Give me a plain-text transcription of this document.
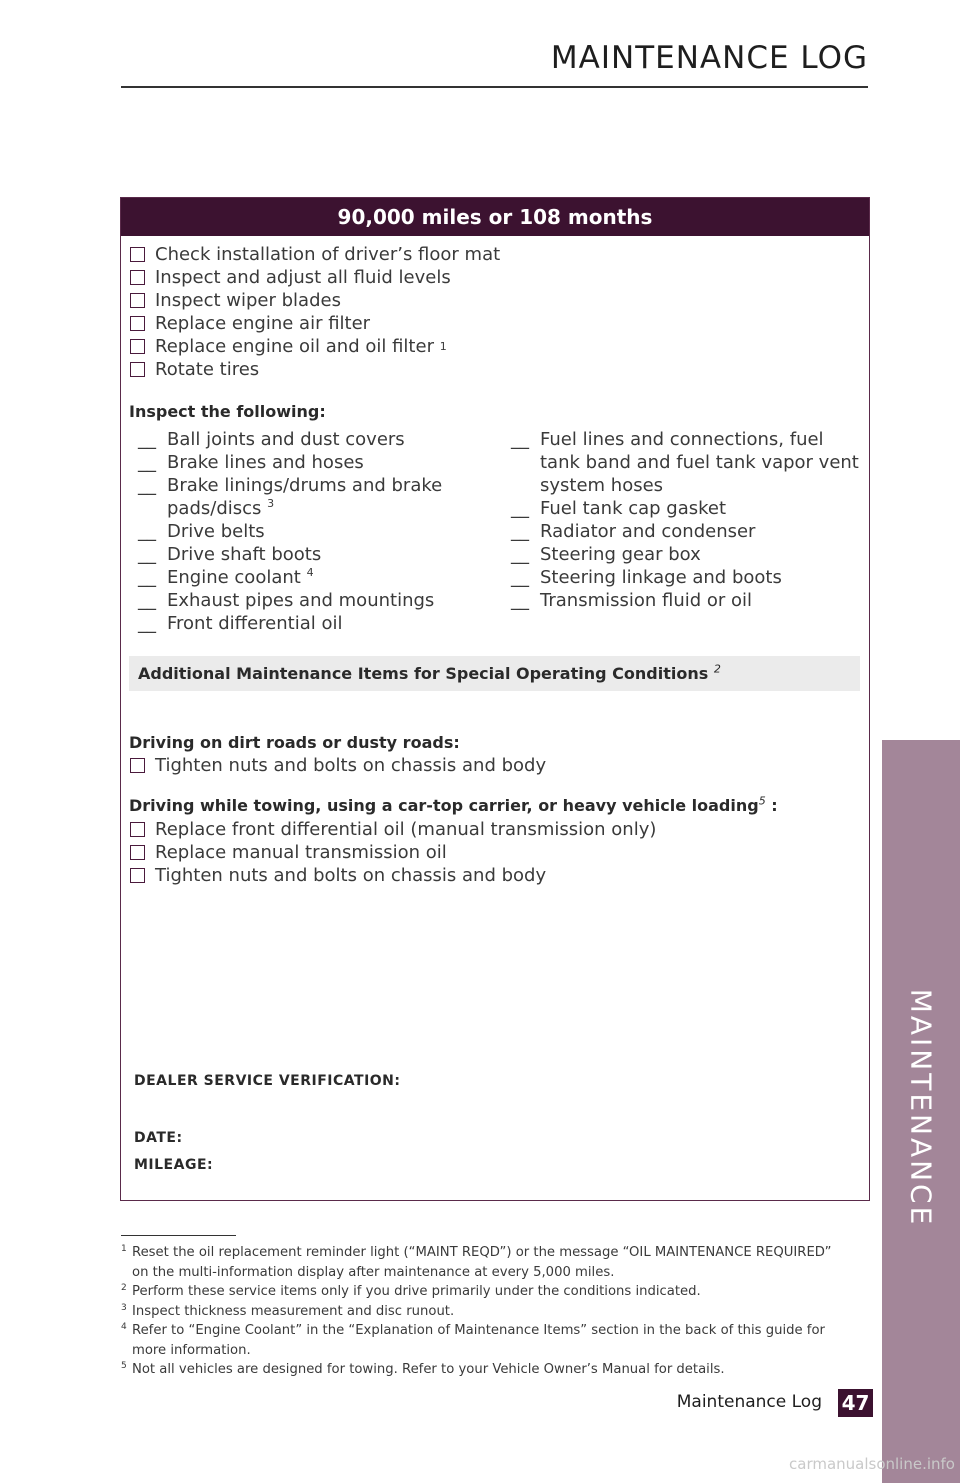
MAINTENANCE LOG
90,000 miles or 108 months
Check installation of driver’s floor mat
Inspect and adjust all fluid levels
Inspect wiper blades
Replace engine air filter
Replace engine oil and oil filter
1
Rotate tires
Inspect the following:
__ Ball joints and dust covers
__ Brake lines and hoses
__ Brake linings/drums and brake pads/discs $^3$
__ Drive belts
__ Drive shaft boots
__ Engine coolant $^4$
__ Exhaust pipes and mountings
__ Front differential oil
__ Fuel lines and connections, fuel tank band and fuel tank vapor vent system hoses
__ Fuel tank cap gasket
__ Radiator and condenser
__ Steering gear box
__ Steering linkage and boots
__ Transmission fluid or oil
Additional Maintenance Items for Special Operating Conditions $^2$
Driving on dirt roads or dusty roads:
Tighten nuts and bolts on chassis and body
Driving while towing, using a car-top carrier, or heavy vehicle loading$^5$ :
Replace front differential oil (manual transmission only)
Replace manual transmission oil
Tighten nuts and bolts on chassis and body
DEALER SERVICE VERIFICATION:
DATE:
MILEAGE:
1 Reset the oil replacement reminder light (“MAINT REQD”) or the message “OIL MAINTENANCE REQUIRED” on the multi-information display after maintenance at every 5,000 miles.
2 Perform these service items only if you drive primarily under the conditions indicated.
3 Inspect thickness measurement and disc runout.
4 Refer to “Engine Coolant” in the “Explanation of Maintenance Items” section in the back of this guide for more information.
5 Not all vehicles are designed for towing. Refer to your Vehicle Owner’s Manual for details.
MAINTENANCE
Maintenance Log 47
carmanualsonline.info
